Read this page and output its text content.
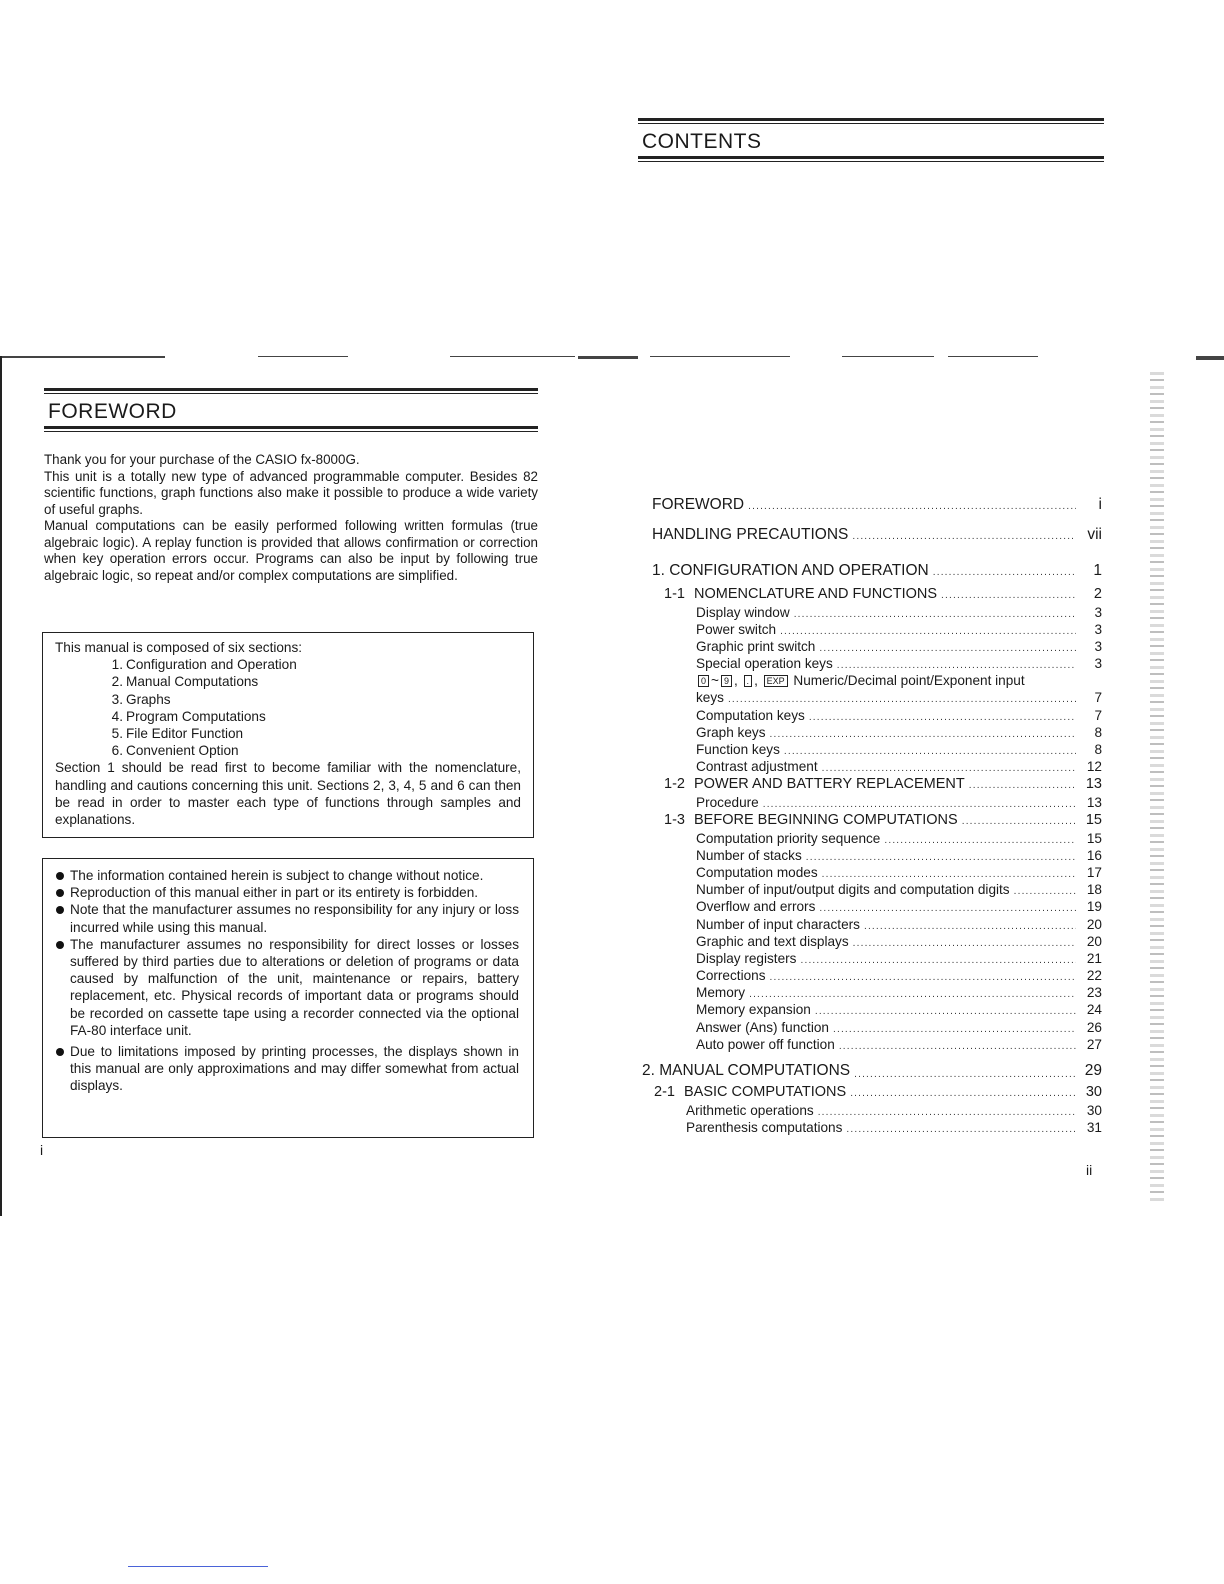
FOREWORD

Thank you for your purchase of the CASIO fx-8000G.

This unit is a totally new type of advanced programmable computer. Besides 82 scientific functions, graph functions also make it possible to produce a wide variety of useful graphs.

Manual computations can be easily performed following written formulas (true algebraic logic). A replay function is provided that allows confirmation or correction when key operation errors occur. Programs can also be input by following true algebraic logic, so repeat and/or complex computations are simplified.

This manual is composed of six sections:
1. Configuration and Operation
2. Manual Computations
3. Graphs
4. Program Computations
5. File Editor Function
6. Convenient Option

Section 1 should be read first to become familiar with the nomenclature, handling and cautions concerning this unit. Sections 2, 3, 4, 5 and 6 can then be read in order to master each type of functions through samples and explanations.

The information contained herein is subject to change without notice.
Reproduction of this manual either in part or its entirety is forbidden.
Note that the manufacturer assumes no responsibility for any injury or loss incurred while using this manual.
The manufacturer assumes no responsibility for direct losses or losses suffered by third parties due to alterations or deletion of programs or data caused by malfunction of the unit, maintenance or repairs, battery replacement, etc. Physical records of important data or programs should be recorded on cassette tape using a recorder connected via the optional FA-80 interface unit.
Due to limitations imposed by printing processes, the displays shown in this manual are only approximations and may differ somewhat from actual displays.
i
CONTENTS
FOREWORD .....	i
HANDLING PRECAUTIONS .....	vii
1. CONFIGURATION AND OPERATION .....	1
1-1 NOMENCLATURE AND FUNCTIONS .....	2
Display window .....	3
Power switch .....	3
Graphic print switch .....	3
Special operation keys .....	3
0 ~ 9 , . , EXP Numeric/Decimal point/Exponent input
keys .....	7
Computation keys .....	7
Graph keys .....	8
Function keys .....	8
Contrast adjustment .....	12
1-2 POWER AND BATTERY REPLACEMENT .....	13
Procedure .....	13
1-3 BEFORE BEGINNING COMPUTATIONS .....	15
Computation priority sequence .....	15
Number of stacks .....	16
Computation modes .....	17
Number of input/output digits and computation digits .....	18
Overflow and errors .....	19
Number of input characters .....	20
Graphic and text displays .....	20
Display registers .....	21
Corrections .....	22
Memory .....	23
Memory expansion .....	24
Answer (Ans) function .....	26
Auto power off function .....	27
2. MANUAL COMPUTATIONS .....	29
2-1 BASIC COMPUTATIONS .....	30
Arithmetic operations .....	30
Parenthesis computations .....	31
ii
